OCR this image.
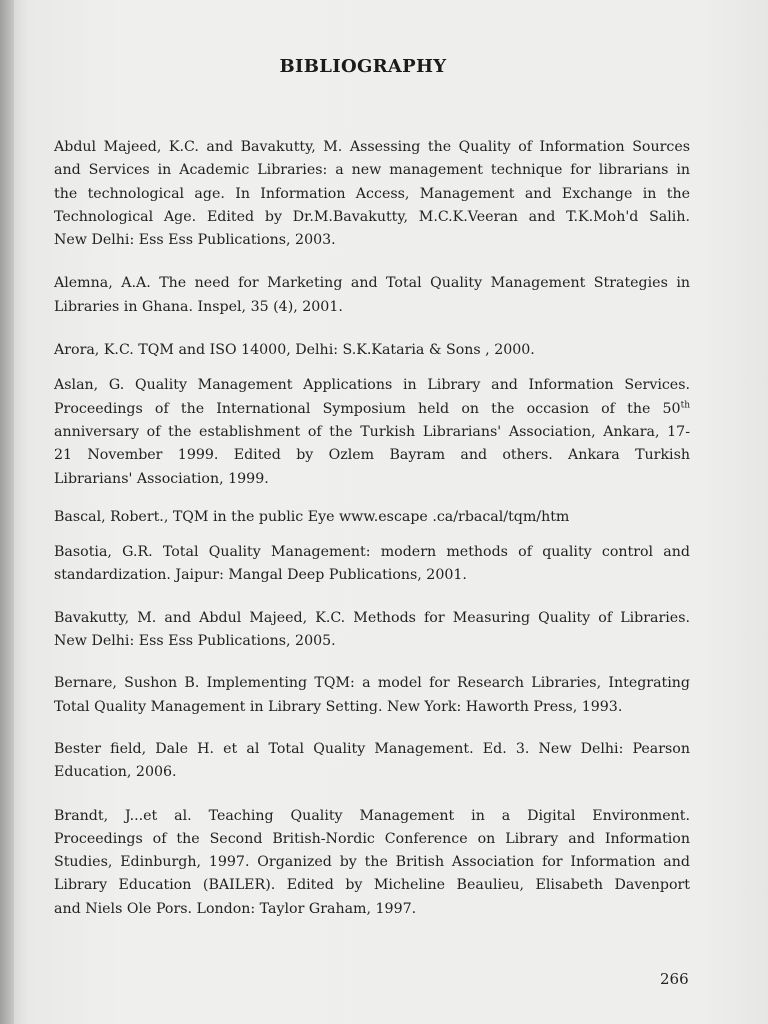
BIBLIOGRAPHY

Abdul Majeed, K.C. and Bavakutty, M. Assessing the Quality of Information Sources
and Services in Academic Libraries: a new management technique for librarians in
the technological age. In Information Access, Management and Exchange in the
Technological Age. Edited by Dr.M.Bavakutty, M.C.K.Veeran and T.K.Moh'd Salih.
New Delhi: Ess Ess Publications, 2003.

Alemna, A.A. The need for Marketing and Total Quality Management Strategies in
Libraries in Ghana. Inspel, 35 (4), 2001.

Arora, K.C. TQM and ISO 14000, Delhi: S.K.Kataria & Sons , 2000.

Aslan, G. Quality Management Applications in Library and Information Services.
Proceedings of the International Symposium held on the occasion of the 50th
anniversary of the establishment of the Turkish Librarians' Association, Ankara, 17-
21 November 1999. Edited by Ozlem Bayram and others. Ankara Turkish
Librarians' Association, 1999.

Bascal, Robert., TQM in the public Eye www.escape .ca/rbacal/tqm/htm

Basotia, G.R. Total Quality Management: modern methods of quality control and
standardization. Jaipur: Mangal Deep Publications, 2001.

Bavakutty, M. and Abdul Majeed, K.C. Methods for Measuring Quality of Libraries.
New Delhi: Ess Ess Publications, 2005.

Bernare, Sushon B. Implementing TQM: a model for Research Libraries, Integrating
Total Quality Management in Library Setting. New York: Haworth Press, 1993.

Bester field, Dale H. et al Total Quality Management. Ed. 3. New Delhi: Pearson
Education, 2006.

Brandt, J...et al. Teaching Quality Management in a Digital Environment.
Proceedings of the Second British-Nordic Conference on Library and Information
Studies, Edinburgh, 1997. Organized by the British Association for Information and
Library Education (BAILER). Edited by Micheline Beaulieu, Elisabeth Davenport
and Niels Ole Pors. London: Taylor Graham, 1997.

266
